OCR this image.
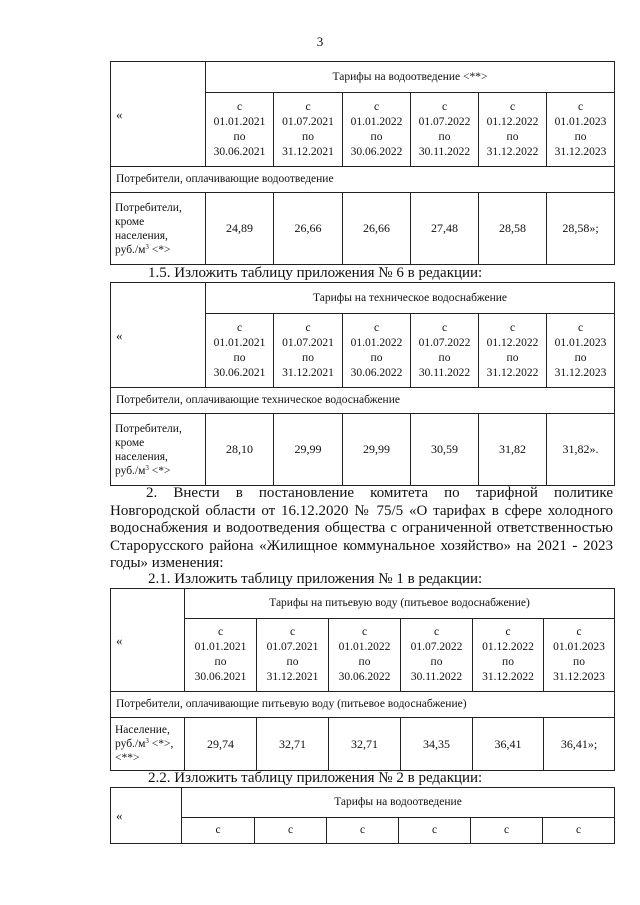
3
«	Тарифы на водоотведение <**>					
	с
01.01.2021
по
30.06.2021	с
01.07.2021
по
31.12.2021	с
01.01.2022
по
30.06.2022	с
01.07.2022
по
30.11.2022	с
01.12.2022
по
31.12.2022	с
01.01.2023
по
31.12.2023
Потребители, оплачивающие водоотведение						
Потребители,
кроме
населения,
$руб./м^3$ <*>	24,89	26,66	26,66	27,48	28,58	28,58»;
1.5. Изложить таблицу приложения № 6 в редакции:
«	Тарифы на техническое водоснабжение					
	с
01.01.2021
по
30.06.2021	с
01.07.2021
по
31.12.2021	с
01.01.2022
по
30.06.2022	с
01.07.2022
по
30.11.2022	с
01.12.2022
по
31.12.2022	с
01.01.2023
по
31.12.2023
Потребители, оплачивающие техническое водоснабжение						
Потребители,
кроме
населения,
$руб./м^3$ <*>	28,10	29,99	29,99	30,59	31,82	31,82».
2. Внести в постановление комитета по тарифной политике
Новгородской области от 16.12.2020 № 75/5 «О тарифах в сфере холодного
водоснабжения и водоотведения общества с ограниченной ответственностью
Старорусского района «Жилищное коммунальное хозяйство» на 2021 - 2023
годы» изменения:
2.1. Изложить таблицу приложения № 1 в редакции:
«	Тарифы на питьевую воду (питьевое водоснабжение)					
	с
01.01.2021
по
30.06.2021	с
01.07.2021
по
31.12.2021	с
01.01.2022
по
30.06.2022	с
01.07.2022
по
30.11.2022	с
01.12.2022
по
31.12.2022	с
01.01.2023
по
31.12.2023
Потребители, оплачивающие питьевую воду (питьевое водоснабжение)						
Население,
$руб./м^3$ <*>,
<**>	29,74	32,71	32,71	34,35	36,41	36,41»;
2.2. Изложить таблицу приложения № 2 в редакции:
«	Тарифы на водоотведение					
	с	с	с	с	с	с
